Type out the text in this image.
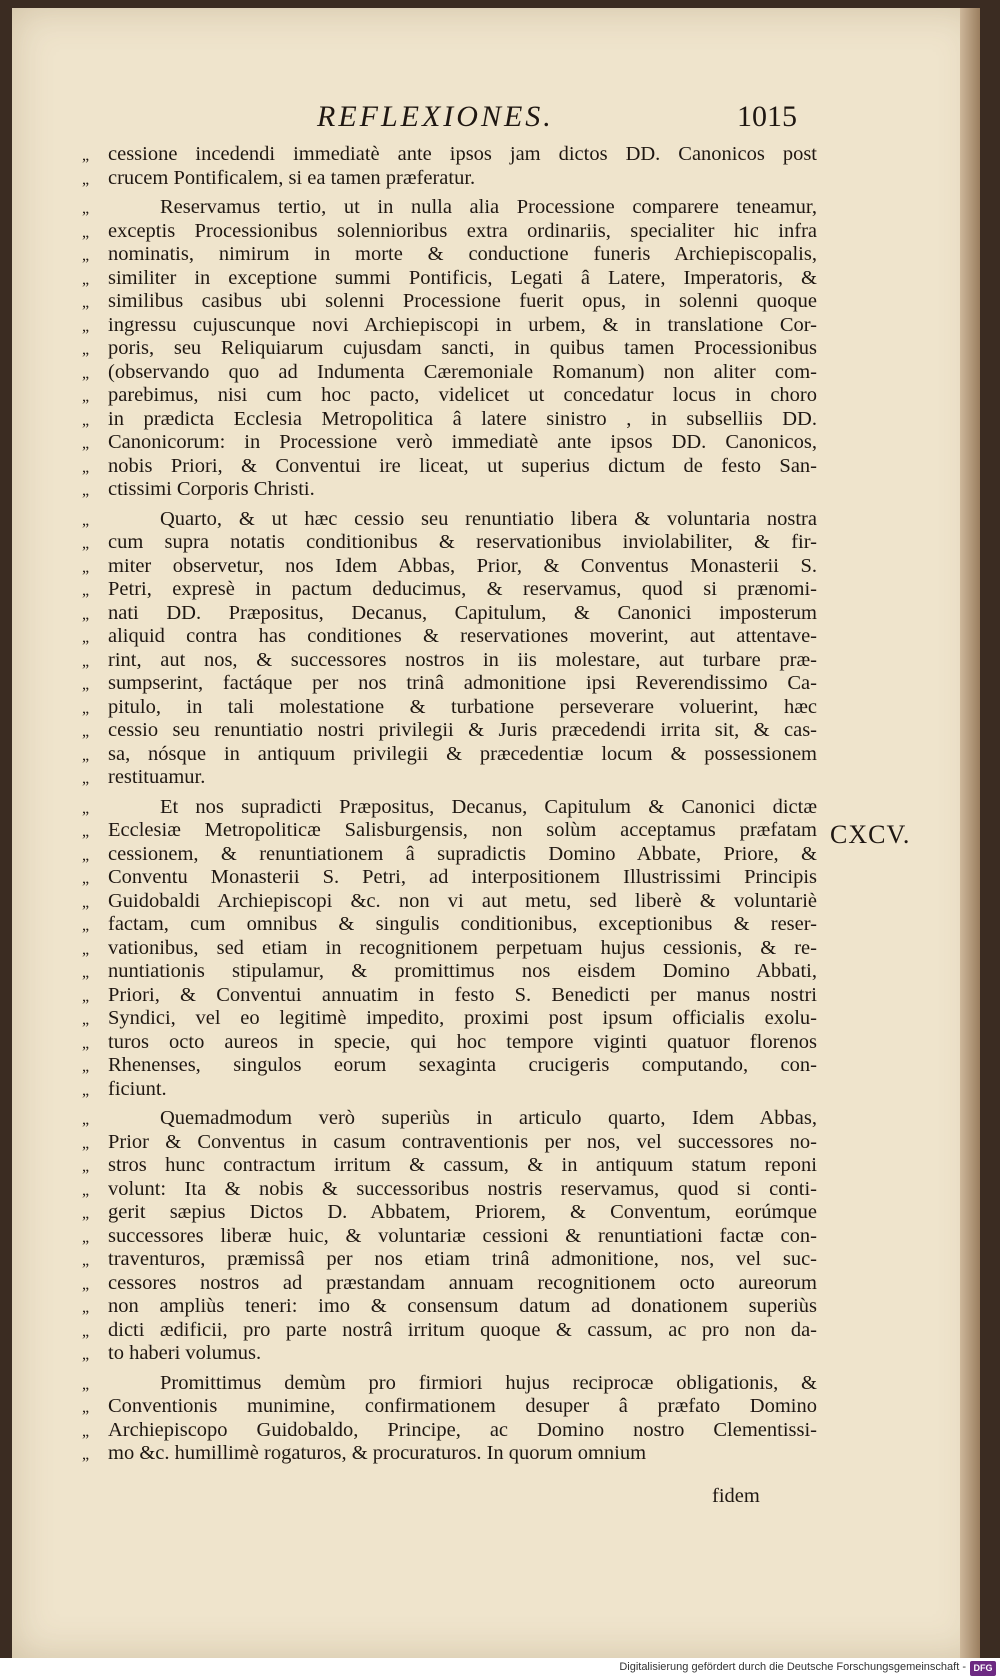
REFLEXIONES.	1015
„ cessione incedendi immediatè ante ipsos jam dictos DD. Canonicos post
„ crucem Pontificalem, si ea tamen præferatur.
„	Reservamus tertio, ut in nulla alia Processione comparere teneamur,
„ exceptis Processionibus solennioribus extra ordinariis, specialiter hic infra
„ nominatis, nimirum in morte & conductione funeris Archiepiscopalis,
„ similiter in exceptione summi Pontificis, Legati â Latere, Imperatoris, &
„ similibus casibus ubi solenni Processione fuerit opus, in solenni quoque
„ ingressu cujuscunque novi Archiepiscopi in urbem, & in translatione Cor-
„ poris, seu Reliquiarum cujusdam sancti, in quibus tamen Processionibus
„ (observando quo ad Indumenta Cæremoniale Romanum) non aliter com-
„ parebimus, nisi cum hoc pacto, videlicet ut concedatur locus in choro
„ in prædicta Ecclesia Metropolitica â latere sinistro , in subselliis DD.
„ Canonicorum: in Processione verò immediatè ante ipsos DD. Canonicos,
„ nobis Priori, & Conventui ire liceat, ut superius dictum de festo San-
„ ctissimi Corporis Christi.
„	Quarto, & ut hæc cessio seu renuntiatio libera & voluntaria nostra
„ cum supra notatis conditionibus & reservationibus inviolabiliter, & fir-
„ miter observetur, nos Idem Abbas, Prior, & Conventus Monasterii S.
„ Petri, expresè in pactum deducimus, & reservamus, quod si prænomi-
„ nati DD. Præpositus, Decanus, Capitulum, & Canonici imposterum
„ aliquid contra has conditiones & reservationes moverint, aut attentave-
„ rint, aut nos, & successores nostros in iis molestare, aut turbare præ-
„ sumpserint, factáque per nos trinâ admonitione ipsi Reverendissimo Ca-
„ pitulo, in tali molestatione & turbatione perseverare voluerint, hæc
„ cessio seu renuntiatio nostri privilegii & Juris præcedendi irrita sit, & cas-
„ sa, nósque in antiquum privilegii & præcedentiæ locum & possessionem
„ restituamur.
„	Et nos supradicti Præpositus, Decanus, Capitulum & Canonici dictæ
„ Ecclesiæ Metropoliticæ Salisburgensis, non solùm acceptamus præfatam
„ cessionem, & renuntiationem â supradictis Domino Abbate, Priore, &
„ Conventu Monasterii S. Petri, ad interpositionem Illustrissimi Principis
„ Guidobaldi Archiepiscopi &c. non vi aut metu, sed liberè & voluntariè
„ factam, cum omnibus & singulis conditionibus, exceptionibus & reser-
„ vationibus, sed etiam in recognitionem perpetuam hujus cessionis, & re-
„ nuntiationis stipulamur, & promittimus nos eisdem Domino Abbati,
„ Priori, & Conventui annuatim in festo S. Benedicti per manus nostri
„ Syndici, vel eo legitimè impedito, proximi post ipsum officialis exolu-
„ turos octo aureos in specie, qui hoc tempore viginti quatuor florenos
„ Rhenenses, singulos eorum sexaginta crucigeris computando, con-
„ ficiunt.
„	Quemadmodum verò superiùs in articulo quarto, Idem Abbas,
„ Prior & Conventus in casum contraventionis per nos, vel successores no-
„ stros hunc contractum irritum & cassum, & in antiquum statum reponi
„ volunt: Ita & nobis & successoribus nostris reservamus, quod si conti-
„ gerit sæpius Dictos D. Abbatem, Priorem, & Conventum, eorúmque
„ successores liberæ huic, & voluntariæ cessioni & renuntiationi factæ con-
„ traventuros, præmissâ per nos etiam trinâ admonitione, nos, vel suc-
„ cessores nostros ad præstandam annuam recognitionem octo aureorum
„ non ampliùs teneri: imo & consensum datum ad donationem superiùs
„ dicti ædificii, pro parte nostrâ irritum quoque & cassum, ac pro non da-
„ to haberi volumus.
„	Promittimus demùm pro firmiori hujus reciprocæ obligationis, &
„ Conventionis munimine, confirmationem desuper â præfato Domino
„ Archiepiscopo Guidobaldo, Principe, ac Domino nostro Clementissi-
„ mo &c. humillimè rogaturos, & procuraturos. In quorum omnium
CXCV.
fidem
Digitalisierung gefördert durch die Deutsche Forschungsgemeinschaft - DFG
